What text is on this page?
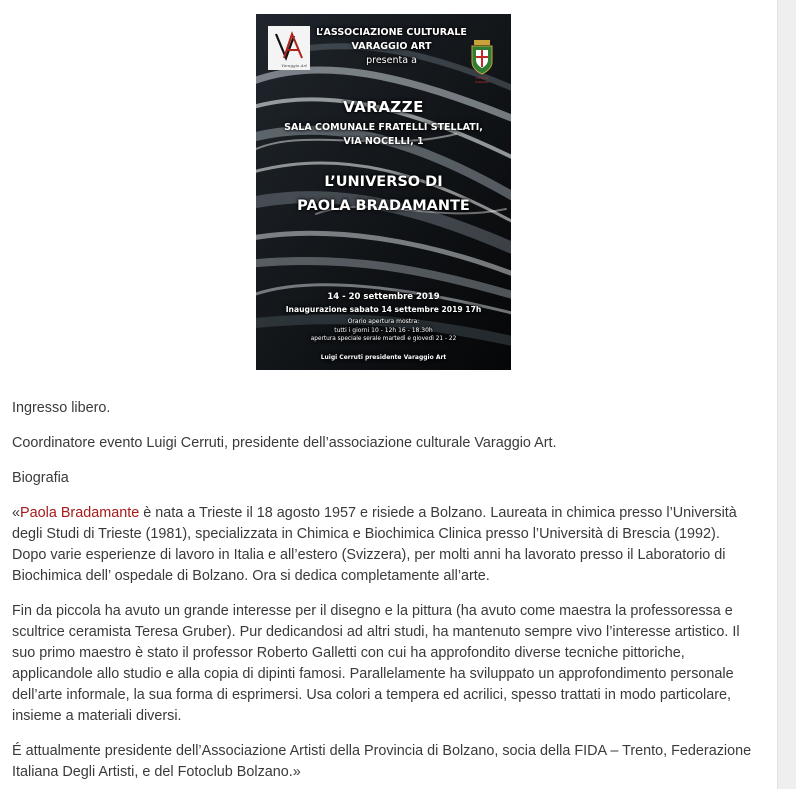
Varaggio Art
CITTÀ DI VARAZZE
L’ASSOCIAZIONE CULTURALE
VARAGGIO ART
presenta a
VARAZZE
SALA COMUNALE FRATELLI STELLATI,
VIA NOCELLI, 1
L’UNIVERSO DI
PAOLA BRADAMANTE
14 - 20 settembre 2019
Inaugurazione sabato 14 settembre 2019 17h
Orario apertura mostra:
tutti i giorni 10 - 12h 16 - 18.30h
apertura speciale serale martedì e giovedì 21 - 22
Luigi Cerruti presidente Varaggio Art

Ingresso libero.

Coordinatore evento Luigi Cerruti, presidente dell’associazione culturale Varaggio Art.

Biografia

«Paola Bradamante è nata a Trieste il 18 agosto 1957 e risiede a Bolzano. Laureata in chimica presso l’Università degli Studi di Trieste (1981), specializzata in Chimica e Biochimica Clinica presso l’Università di Brescia (1992). Dopo varie esperienze di lavoro in Italia e all’estero (Svizzera), per molti anni ha lavorato presso il Laboratorio di Biochimica dell’ ospedale di Bolzano. Ora si dedica completamente all’arte.

Fin da piccola ha avuto un grande interesse per il disegno e la pittura (ha avuto come maestra la professoressa e scultrice ceramista Teresa Gruber). Pur dedicandosi ad altri studi, ha mantenuto sempre vivo l’interesse artistico. Il suo primo maestro è stato il professor Roberto Galletti con cui ha approfondito diverse tecniche pittoriche, applicandole allo studio e alla copia di dipinti famosi. Parallelamente ha sviluppato un approfondimento personale dell’arte informale, la sua forma di esprimersi. Usa colori a tempera ed acrilici, spesso trattati in modo particolare, insieme a materiali diversi.

É attualmente presidente dell’Associazione Artisti della Provincia di Bolzano, socia della FIDA – Trento, Federazione Italiana Degli Artisti, e del Fotoclub Bolzano.»
